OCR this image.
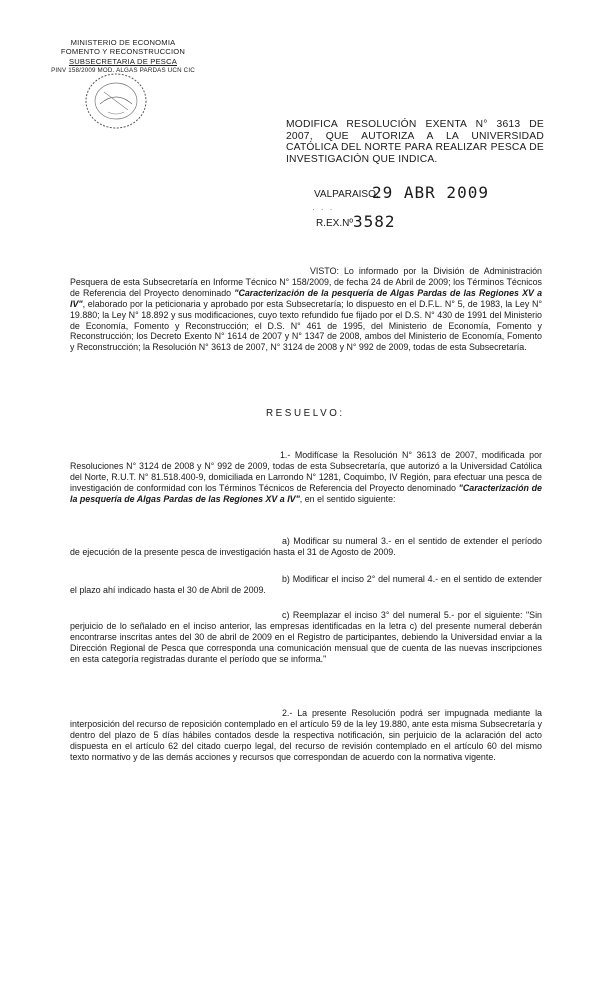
MINISTERIO DE ECONOMIA
FOMENTO Y RECONSTRUCCION
SUBSECRETARIA DE PESCA
PINV 158/2009 MOD. ALGAS PARDAS UCN CIC
MODIFICA RESOLUCIÓN EXENTA N° 3613 DE 2007, QUE AUTORIZA A LA UNIVERSIDAD CATÓLICA DEL NORTE PARA REALIZAR PESCA DE INVESTIGACIÓN QUE INDICA.
VALPARAISO,
29 ABR 2009
· · ·
R.EX.Nº 3582
VISTO: Lo informado por la División de Administración Pesquera de esta Subsecretaría en Informe Técnico N° 158/2009, de fecha 24 de Abril de 2009; los Términos Técnicos de Referencia del Proyecto denominado "Caracterización de la pesquería de Algas Pardas de las Regiones XV a IV", elaborado por la peticionaria y aprobado por esta Subsecretaría; lo dispuesto en el D.F.L. N° 5, de 1983, la Ley N° 19.880; la Ley N° 18.892 y sus modificaciones, cuyo texto refundido fue fijado por el D.S. N° 430 de 1991 del Ministerio de Economía, Fomento y Reconstrucción; el D.S. N° 461 de 1995, del Ministerio de Economía, Fomento y Reconstrucción; los Decreto Exento N° 1614 de 2007 y N° 1347 de 2008, ambos del Ministerio de Economía, Fomento y Reconstrucción; la Resolución N° 3613 de 2007, N° 3124 de 2008 y N° 992 de 2009, todas de esta Subsecretaría.
RESUELVO:
1.- Modifícase la Resolución N° 3613 de 2007, modificada por Resoluciones N° 3124 de 2008 y N° 992 de 2009, todas de esta Subsecretaría, que autorizó a la Universidad Católica del Norte, R.U.T. N° 81.518.400-9, domiciliada en Larrondo N° 1281, Coquimbo, IV Región, para efectuar una pesca de investigación de conformidad con los Términos Técnicos de Referencia del Proyecto denominado "Caracterización de la pesquería de Algas Pardas de las Regiones XV a IV", en el sentido siguiente:
a) Modificar su numeral 3.- en el sentido de extender el período de ejecución de la presente pesca de investigación hasta el 31 de Agosto de 2009.
b) Modificar el inciso 2° del numeral 4.- en el sentido de extender el plazo ahí indicado hasta el 30 de Abril de 2009.
c) Reemplazar el inciso 3° del numeral 5.- por el siguiente: "Sin perjuicio de lo señalado en el inciso anterior, las empresas identificadas en la letra c) del presente numeral deberán encontrarse inscritas antes del 30 de abril de 2009 en el Registro de participantes, debiendo la Universidad enviar a la Dirección Regional de Pesca que corresponda una comunicación mensual que de cuenta de las nuevas inscripciones en esta categoría registradas durante el período que se informa."
2.- La presente Resolución podrá ser impugnada mediante la interposición del recurso de reposición contemplado en el artículo 59 de la ley 19.880, ante esta misma Subsecretaría y dentro del plazo de 5 días hábiles contados desde la respectiva notificación, sin perjuicio de la aclaración del acto dispuesta en el artículo 62 del citado cuerpo legal, del recurso de revisión contemplado en el artículo 60 del mismo texto normativo y de las demás acciones y recursos que correspondan de acuerdo con la normativa vigente.
